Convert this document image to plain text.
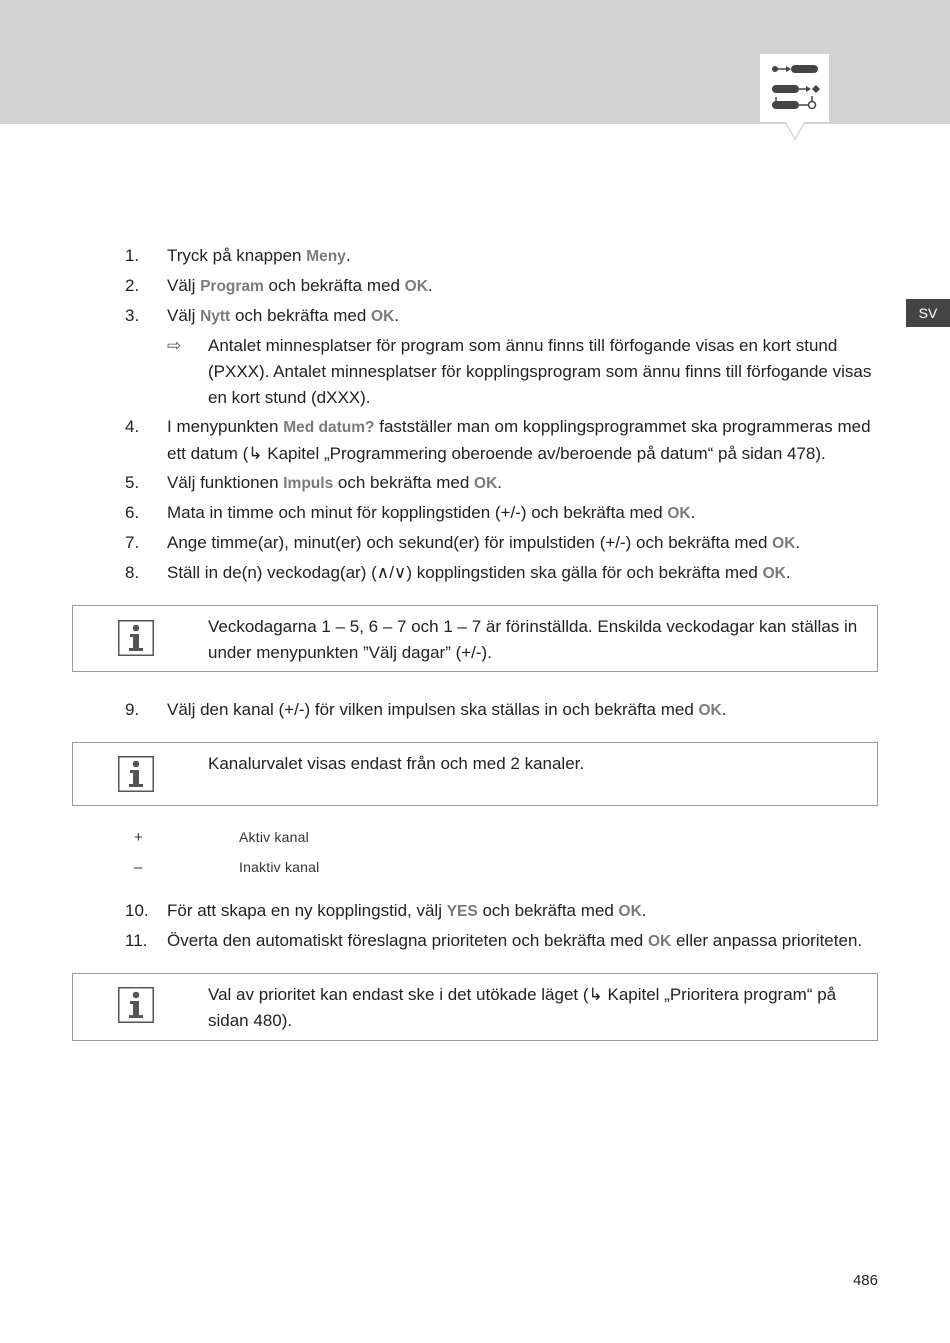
SV
1.	Tryck på knappen Meny.
2.	Välj Program och bekräfta med OK.
3.	Välj Nytt och bekräfta med OK.
⇨	Antalet minnesplatser för program som ännu finns till förfogande visas en kort stund (PXXX). Antalet minnesplatser för kopplingsprogram som ännu finns till förfogande visas en kort stund (dXXX).
4.	I menypunkten Med datum? fastställer man om kopplingsprogrammet ska programmeras med ett datum (↳ Kapitel „Programmering oberoende av/beroende på datum“ på sidan 478).
5.	Välj funktionen Impuls och bekräfta med OK.
6.	Mata in timme och minut för kopplingstiden (+/-) och bekräfta med OK.
7.	Ange timme(ar), minut(er) och sekund(er) för impulstiden (+/-) och bekräfta med OK.
8.	Ställ in de(n) veckodag(ar) (∧/∨) kopplingstiden ska gälla för och bekräfta med OK.
Veckodagarna 1 – 5, 6 – 7 och 1 – 7 är förinställda. Enskilda veckodagar kan ställas in under menypunkten ”Välj dagar” (+/-).
9.	Välj den kanal (+/-) för vilken impulsen ska ställas in och bekräfta med OK.
Kanalurvalet visas endast från och med 2 kanaler.
+	Aktiv kanal
–	Inaktiv kanal
10.	För att skapa en ny kopplingstid, välj YES och bekräfta med OK.
11.	Överta den automatiskt föreslagna prioriteten och bekräfta med OK eller anpassa prioriteten.
Val av prioritet kan endast ske i det utökade läget (↳ Kapitel „Prioritera program“ på sidan 480).
486
